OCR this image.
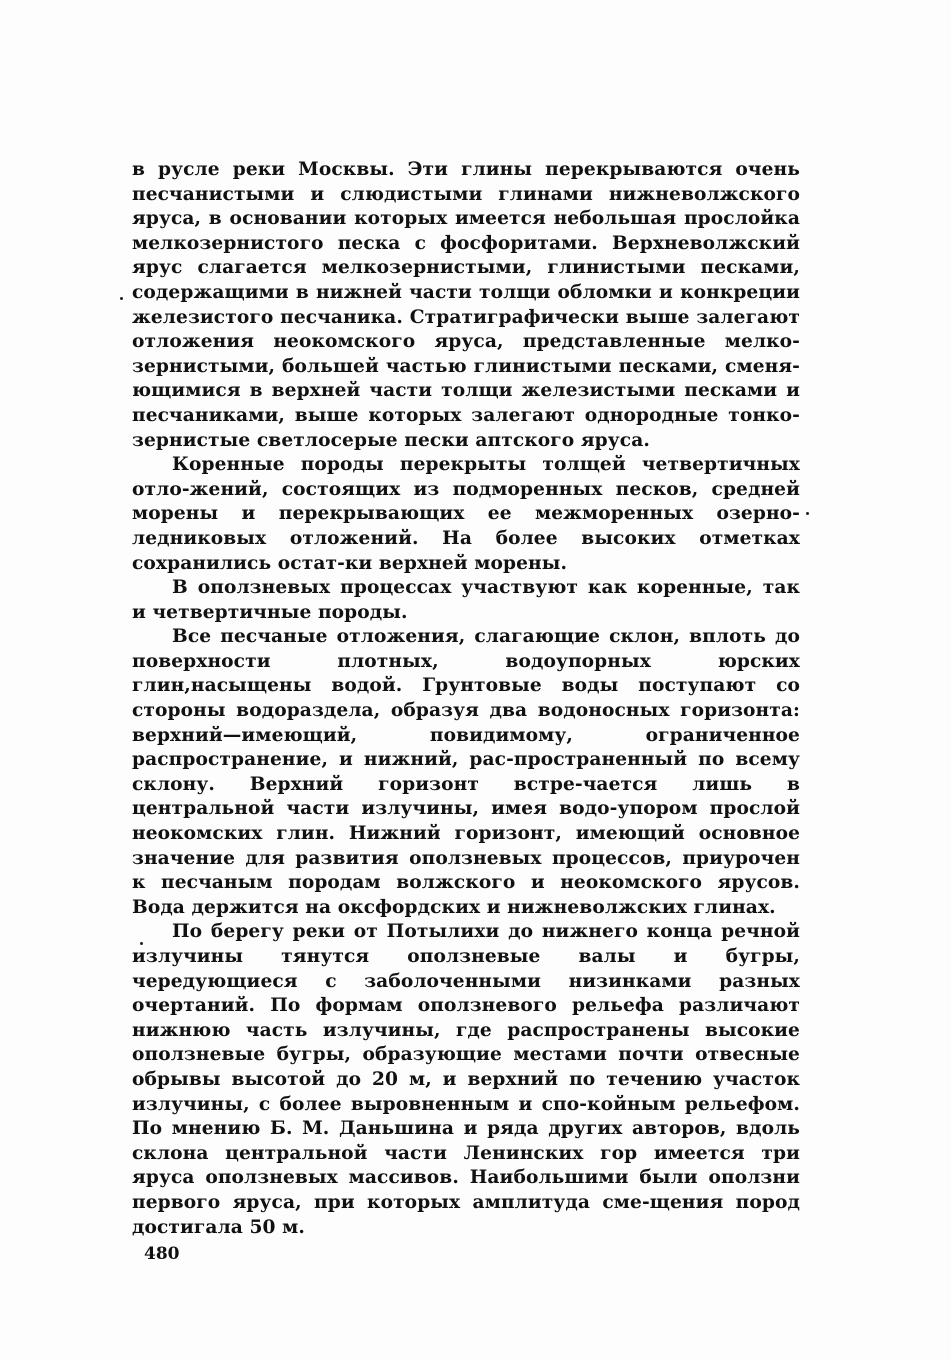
в русле реки Москвы. Эти глины перекрываются очень песчанистыми и слюдистыми глинами нижневолжского яруса, в основании которых имеется небольшая прослойка мелкозернистого песка с фосфоритами. Верхневолжский ярус слагается мелкозернистыми, глинистыми песками, содержащими в нижней части толщи обломки и конкреции железистого песчаника. Стратиграфически выше залегают отложения неокомского яруса, представленные мелко-зернистыми, большей частью глинистыми песками, сменя-ющимися в верхней части толщи железистыми песками и песчаниками, выше которых залегают однородные тонко-зернистые светлосерые пески аптского яруса.

Коренные породы перекрыты толщей четвертичных отло-жений, состоящих из подморенных песков, средней морены и перекрывающих ее межморенных озерно-ледниковых отложений. На более высоких отметках сохранились остат-ки верхней морены.

В оползневых процессах участвуют как коренные, так и четвертичные породы.

Все песчаные отложения, слагающие склон, вплоть до поверхности плотных, водоупорных юрских глин,насыщены водой. Грунтовые воды поступают со стороны водораздела, образуя два водоносных горизонта: верхний—имеющий, повидимому, ограниченное распространение, и нижний, рас-пространенный по всему склону. Верхний горизонт встре-чается лишь в центральной части излучины, имея водо-упором прослой неокомских глин. Нижний горизонт, имеющий основное значение для развития оползневых процессов, приурочен к песчаным породам волжского и неокомского ярусов. Вода держится на оксфордских и нижневолжских глинах.

По берегу реки от Потылихи до нижнего конца речной излучины тянутся оползневые валы и бугры, чередующиеся с заболоченными низинками разных очертаний. По формам оползневого рельефа различают нижнюю часть излучины, где распространены высокие оползневые бугры, образующие местами почти отвесные обрывы высотой до 20 м, и верхний по течению участок излучины, с более выровненным и спо-койным рельефом. По мнению Б. М. Даньшина и ряда других авторов, вдоль склона центральной части Ленинских гор имеется три яруса оползневых массивов. Наибольшими были оползни первого яруса, при которых амплитуда сме-щения пород достигала 50 м.

480
